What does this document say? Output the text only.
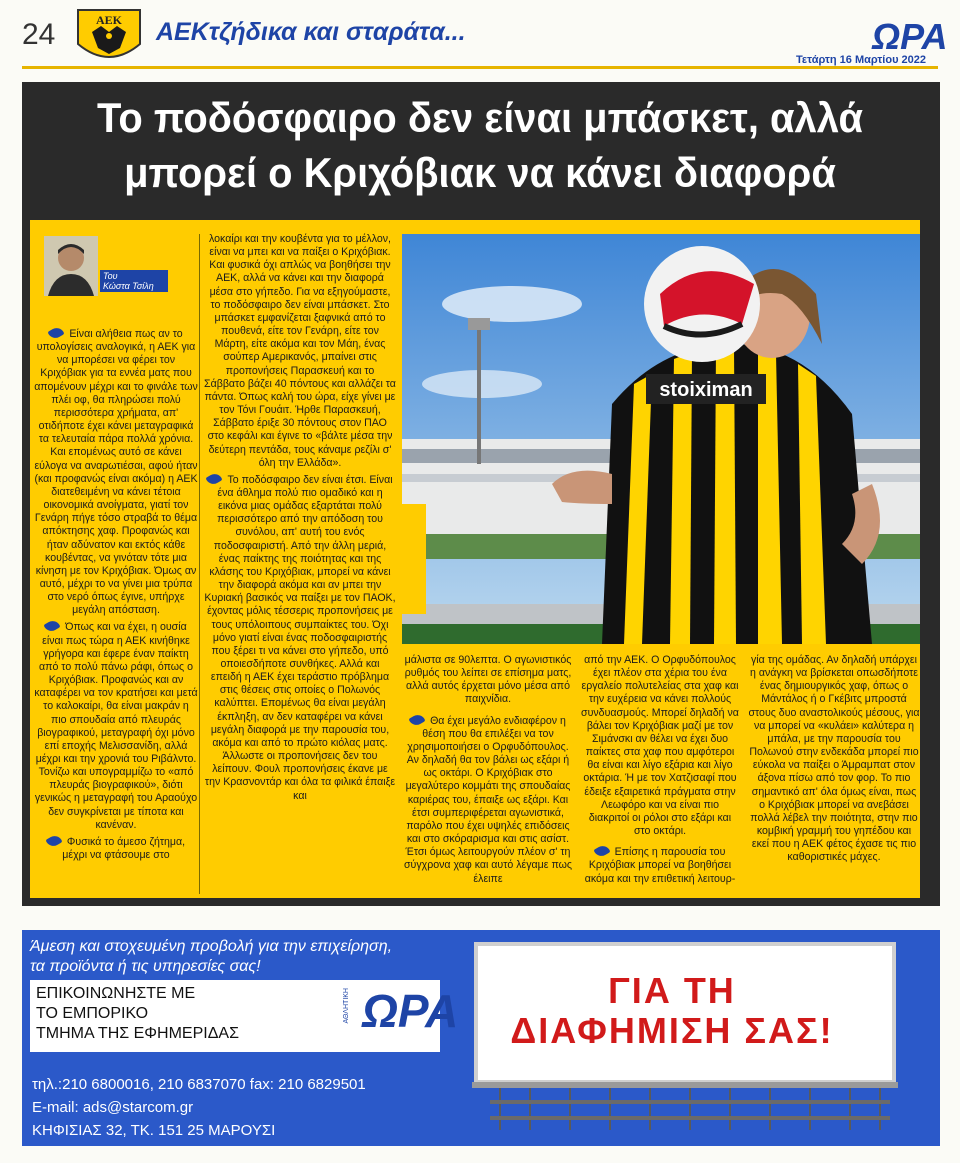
24	ΑΕΚ AEKτζήδικα και σταράτα...	ΩΡΑ
Τετάρτη 16 Μαρτίου 2022
Το ποδόσφαιρο δεν είναι μπάσκετ, αλλά
μπορεί ο Κριχόβιακ να κάνει διαφορά
Του
Κώστα Τσίλη

Είναι αλήθεια πως αν το υπολογίσεις αναλογικά, η ΑΕΚ για να μπορέσει να φέρει τον Κριχόβιακ για τα εννέα ματς που απομένουν μέχρι και το φινάλε των πλέι οφ, θα πληρώσει πολύ περισσότερα χρήματα, απ' οτιδήποτε έχει κάνει μεταγραφικά τα τελευταία πάρα πολλά χρόνια. Και επομένως αυτό σε κάνει εύλογα να αναρωτιέσαι, αφού ήταν (και προφανώς είναι ακόμα) η ΑΕΚ διατεθειμένη να κάνει τέτοια οικονομικά ανοίγματα, γιατί τον Γενάρη πήγε τόσο στραβά το θέμα απόκτησης χαφ. Προφανώς και ήταν αδύνατον και εκτός κάθε κουβέντας, να γινόταν τότε μια κίνηση με τον Κριχόβιακ. Όμως αν αυτό, μέχρι το να γίνει μια τρύπα στο νερό όπως έγινε, υπήρχε μεγάλη απόσταση.

Όπως και να έχει, η ουσία είναι πως τώρα η ΑΕΚ κινήθηκε γρήγορα και έφερε έναν παίκτη από το πολύ πάνω ράφι, όπως ο Κριχόβιακ. Προφανώς και αν καταφέρει να τον κρατήσει και μετά το καλοκαίρι, θα είναι μακράν η πιο σπουδαία από πλευράς βιογραφικού, μεταγραφή όχι μόνο επί εποχής Μελισσανίδη, αλλά μέχρι και την χρονιά του Ριβάλντο. Τονίζω και υπογραμμίζω το «από πλευράς βιογραφικού», διότι γενικώς η μεταγραφή του Αραούχο δεν συγκρίνεται με τίποτα και κανέναν.

Φυσικά το άμεσο ζήτημα, μέχρι να φτάσουμε στο

λοκαίρι και την κουβέντα για το μέλλον, είναι να μπει και να παίξει ο Κριχόβιακ. Και φυσικά όχι απλώς να βοηθήσει την ΑΕΚ, αλλά να κάνει και την διαφορά μέσα στο γήπεδο. Για να εξηγούμαστε, το ποδόσφαιρο δεν είναι μπάσκετ. Στο μπάσκετ εμφανίζεται ξαφνικά από το πουθενά, είτε τον Γενάρη, είτε τον Μάρτη, είτε ακόμα και τον Μάη, ένας σούπερ Αμερικανός, μπαίνει στις προπονήσεις Παρασκευή και το Σάββατο βάζει 40 πόντους και αλλάζει τα πάντα. Όπως καλή του ώρα, είχε γίνει με τον Τόνι Γουάιτ. Ήρθε Παρασκευή, Σάββατο έριξε 30 πόντους στον ΠΑΟ στο κεφάλι και έγινε το «βάλτε μέσα την δεύτερη πεντάδα, τους κάναμε ρεζίλι σ' όλη την Ελλάδα».

Το ποδόσφαιρο δεν είναι έτσι. Είναι ένα άθλημα πολύ πιο ομαδικό και η εικόνα μιας ομάδας εξαρτάται πολύ περισσότερο από την απόδοση του συνόλου, απ' αυτή του ενός ποδοσφαιριστή. Από την άλλη μεριά, ένας παίκτης της ποιότητας και της κλάσης του Κριχόβιακ, μπορεί να κάνει την διαφορά ακόμα και αν μπει την Κυριακή βασικός να παίξει με τον ΠΑΟΚ, έχοντας μόλις τέσσερις προπονήσεις με τους υπόλοιπους συμπαίκτες του. Όχι μόνο γιατί είναι ένας ποδοσφαιριστής που ξέρει τι να κάνει στο γήπεδο, υπό οποιεσδήποτε συνθήκες. Αλλά και επειδή η ΑΕΚ έχει τεράστιο πρόβλημα στις θέσεις στις οποίες ο Πολωνός καλύπτει. Επομένως θα είναι μεγάλη έκπληξη, αν δεν καταφέρει να κάνει μεγάλη διαφορά με την παρουσία του, ακόμα και από το πρώτο κιόλας ματς. Άλλωστε οι προπονήσεις δεν του λείπουν. Φουλ προπονήσεις έκανε με την Κρασνοντάρ και όλα τα φιλικά έπαιξε και

stoiximan

μάλιστα σε 90λεπτα. Ο αγωνιστικός ρυθμός του λείπει σε επίσημα ματς, αλλά αυτός έρχεται μόνο μέσα από παιχνίδια.

Θα έχει μεγάλο ενδιαφέρον η θέση που θα επιλέξει να τον χρησιμοποιήσει ο Ορφυδόπουλος. Αν δηλαδή θα τον βάλει ως εξάρι ή ως οκτάρι. Ο Κριχόβιακ στο μεγαλύτερο κομμάτι της σπουδαίας καριέρας του, έπαιξε ως εξάρι. Και έτσι συμπεριφέρεται αγωνιστικά, παρόλο που έχει υψηλές επιδόσεις και στο σκόραρισμα και στις ασίστ. Έτσι όμως λειτουργούν πλέον σ' τη σύγχρονα χαφ και αυτό λέγαμε πως έλειπε

από την ΑΕΚ. Ο Ορφυδόπουλος έχει πλέον στα χέρια του ένα εργαλείο πολυτελείας στα χαφ και την ευχέρεια να κάνει πολλούς συνδυασμούς. Μπορεί δηλαδή να βάλει τον Κριχόβιακ μαζί με τον Σιμάνσκι αν θέλει να έχει δυο παίκτες στα χαφ που αμφότεροι θα είναι και λίγο εξάρια και λίγο οκτάρια. Ή με τον Χατζισαφί που έδειξε εξαιρετικά πράγματα στην Λεωφόρο και να είναι πιο διακριτοί οι ρόλοι στο εξάρι και στο οκτάρι.

Επίσης η παρουσία του Κριχόβιακ μπορεί να βοηθήσει ακόμα και την επιθετική λειτουρ-

γία της ομάδας. Αν δηλαδή υπάρχει η ανάγκη να βρίσκεται οπωσδήποτε ένας δημιουργικός χαφ, όπως ο Μάντάλος ή ο Γκέβιτς μπροστά στους δυο αναστολικούς μέσους, για να μπορεί να «κυλάει» καλύτερα η μπάλα, με την παρουσία του Πολωνού στην ενδεκάδα μπορεί πιο εύκολα να παίξει ο Άμραμπατ στον άξονα πίσω από τον φορ. Το πιο σημαντικό απ' όλα όμως είναι, πως ο Κριχόβιακ μπορεί να ανεβάσει πολλά λέβελ την ποιότητα, στην πιο κομβική γραμμή του γηπέδου και εκεί που η ΑΕΚ φέτος έχασε τις πιο καθοριστικές μάχες.

Άμεση και στοχευμένη προβολή για την επιχείρηση,
τα προϊόντα ή τις υπηρεσίες σας!
ΕΠΙΚΟΙΝΩΝΗΣΤΕ ΜΕ
ΤΟ ΕΜΠΟΡΙΚΟ
ΤΜΗΜΑ ΤΗΣ ΕΦΗΜΕΡΙΔΑΣ
ΑΘΛΗΤΙΚΗ ΩΡΑ	ΓΙΑ ΤΗ
ΔΙΑΦΗΜΙΣΗ ΣΑΣ!
τηλ.:210 6800016, 210 6837070 fax: 210 6829501
E-mail: ads@starcom.gr
ΚΗΦΙΣΙΑΣ 32, ΤΚ. 151 25 ΜΑΡΟΥΣΙ
